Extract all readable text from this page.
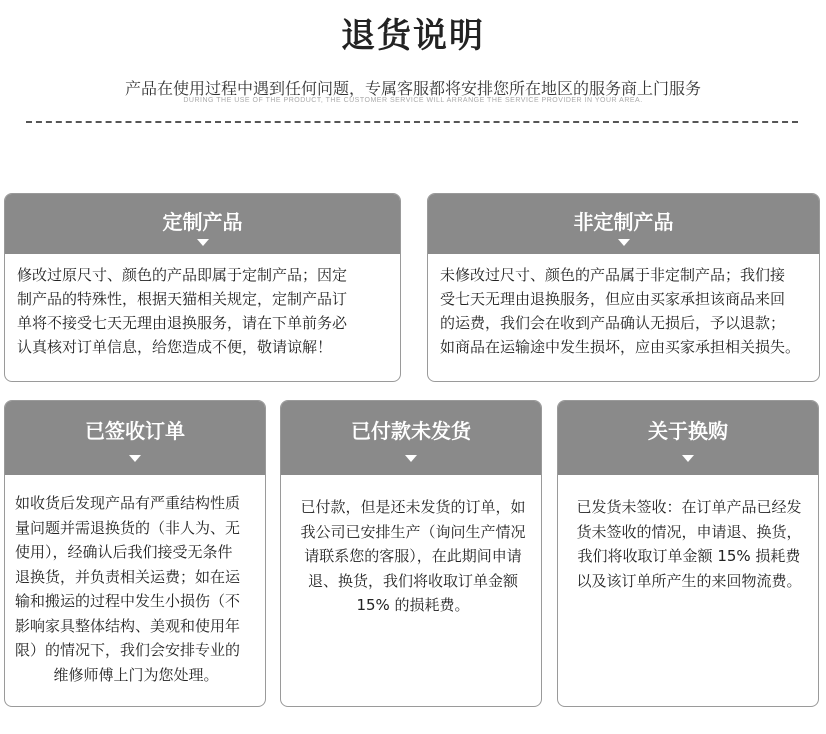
退货说明
产品在使用过程中遇到任何问题，专属客服都将安排您所在地区的服务商上门服务
DURING THE USE OF THE PRODUCT, THE CUSTOMER SERVICE WILL ARRANGE THE SERVICE PROVIDER IN YOUR AREA.
定制产品
修改过原尺寸、颜色的产品即属于定制产品；因定
制产品的特殊性，根据天猫相关规定，定制产品订
单将不接受七天无理由退换服务，请在下单前务必
认真核对订单信息，给您造成不便，敬请谅解！
非定制产品
未修改过尺寸、颜色的产品属于非定制产品；我们接
受七天无理由退换服务，但应由买家承担该商品来回
的运费，我们会在收到产品确认无损后，予以退款；
如商品在运输途中发生损坏，应由买家承担相关损失。
已签收订单
如收货后发现产品有严重结构性质
量问题并需退换货的（非人为、无
使用），经确认后我们接受无条件
退换货，并负责相关运费；如在运
输和搬运的过程中发生小损伤（不
影响家具整体结构、美观和使用年
限）的情况下，我们会安排专业的
维修师傅上门为您处理。
已付款未发货
已付款，但是还未发货的订单，如
我公司已安排生产（询问生产情况
请联系您的客服），在此期间申请
退、换货，我们将收取订单金额
15% 的损耗费。
关于换购
已发货未签收：在订单产品已经发
货未签收的情况，申请退、换货，
我们将收取订单金额 15% 损耗费
以及该订单所产生的来回物流费。
